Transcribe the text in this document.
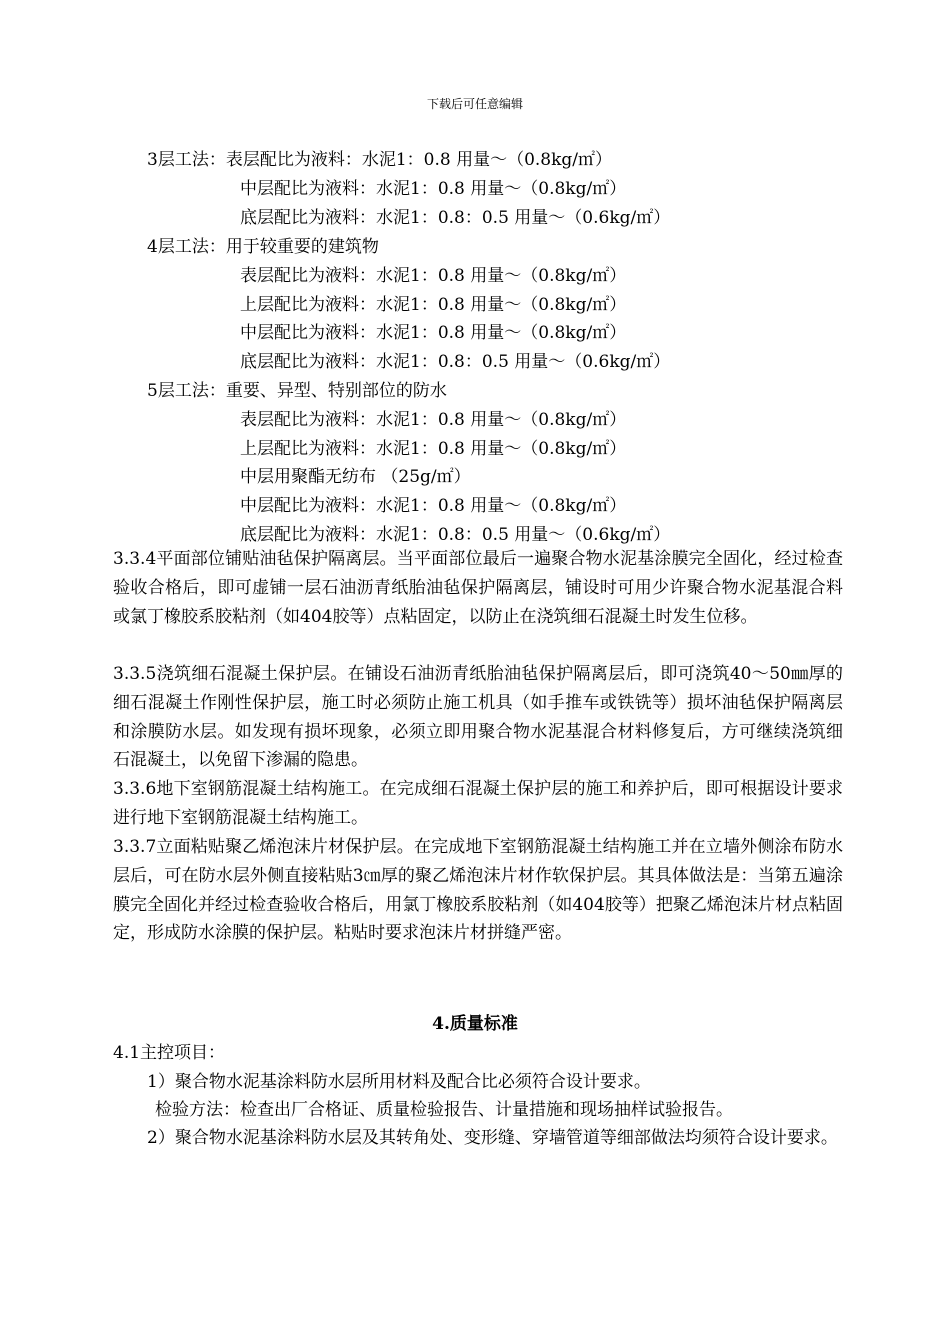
下载后可任意编辑
3层工法：表层配比为液料：水泥1：0.8 用量～（0.8kg/㎡）
中层配比为液料：水泥1：0.8 用量～（0.8kg/㎡）
底层配比为液料：水泥1：0.8：0.5 用量～（0.6kg/㎡）
4层工法：用于较重要的建筑物
表层配比为液料：水泥1：0.8 用量～（0.8kg/㎡）
上层配比为液料：水泥1：0.8 用量～（0.8kg/㎡）
中层配比为液料：水泥1：0.8 用量～（0.8kg/㎡）
底层配比为液料：水泥1：0.8：0.5 用量～（0.6kg/㎡）
5层工法：重要、异型、特别部位的防水
表层配比为液料：水泥1：0.8 用量～（0.8kg/㎡）
上层配比为液料：水泥1：0.8 用量～（0.8kg/㎡）
中层用聚酯无纺布 （25g/㎡）
中层配比为液料：水泥1：0.8 用量～（0.8kg/㎡）
底层配比为液料：水泥1：0.8：0.5 用量～（0.6kg/㎡）
3.3.4平面部位铺贴油毡保护隔离层。当平面部位最后一遍聚合物水泥基涂膜完全固化，经过检查验收合格后，即可虚铺一层石油沥青纸胎油毡保护隔离层，铺设时可用少许聚合物水泥基混合料或氯丁橡胶系胶粘剂（如404胶等）点粘固定，以防止在浇筑细石混凝土时发生位移。
3.3.5浇筑细石混凝土保护层。在铺设石油沥青纸胎油毡保护隔离层后，即可浇筑40～50㎜厚的细石混凝土作刚性保护层，施工时必须防止施工机具（如手推车或铁铣等）损坏油毡保护隔离层和涂膜防水层。如发现有损坏现象，必须立即用聚合物水泥基混合材料修复后，方可继续浇筑细石混凝土，以免留下渗漏的隐患。
3.3.6地下室钢筋混凝土结构施工。在完成细石混凝土保护层的施工和养护后，即可根据设计要求进行地下室钢筋混凝土结构施工。
3.3.7立面粘贴聚乙烯泡沫片材保护层。在完成地下室钢筋混凝土结构施工并在立墙外侧涂布防水层后，可在防水层外侧直接粘贴3㎝厚的聚乙烯泡沫片材作软保护层。其具体做法是：当第五遍涂膜完全固化并经过检查验收合格后，用氯丁橡胶系胶粘剂（如404胶等）把聚乙烯泡沫片材点粘固定，形成防水涂膜的保护层。粘贴时要求泡沫片材拼缝严密。
4.质量标准
4.1主控项目：
1）聚合物水泥基涂料防水层所用材料及配合比必须符合设计要求。
检验方法：检查出厂合格证、质量检验报告、计量措施和现场抽样试验报告。
2）聚合物水泥基涂料防水层及其转角处、变形缝、穿墙管道等细部做法均须符合设计要求。
